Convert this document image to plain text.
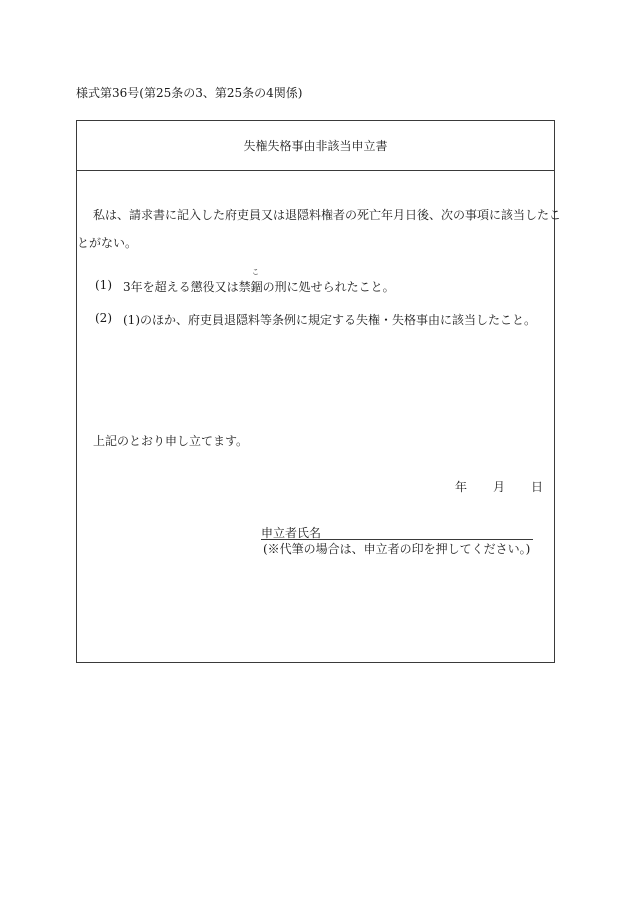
様式第36号(第25条の3、第25条の4関係)
失権失格事由非該当申立書
私は、請求書に記入した府吏員又は退隠料権者の死亡年月日後、次の事項に該当したこ
とがない。
こ
(1) 3年を超える懲役又は禁錮の刑に処せられたこと。
(2) (1)のほか、府吏員退隠料等条例に規定する失権・失格事由に該当したこと。
上記のとおり申し立てます。
年 月 日
申立者氏名
(※代筆の場合は、申立者の印を押してください。)
